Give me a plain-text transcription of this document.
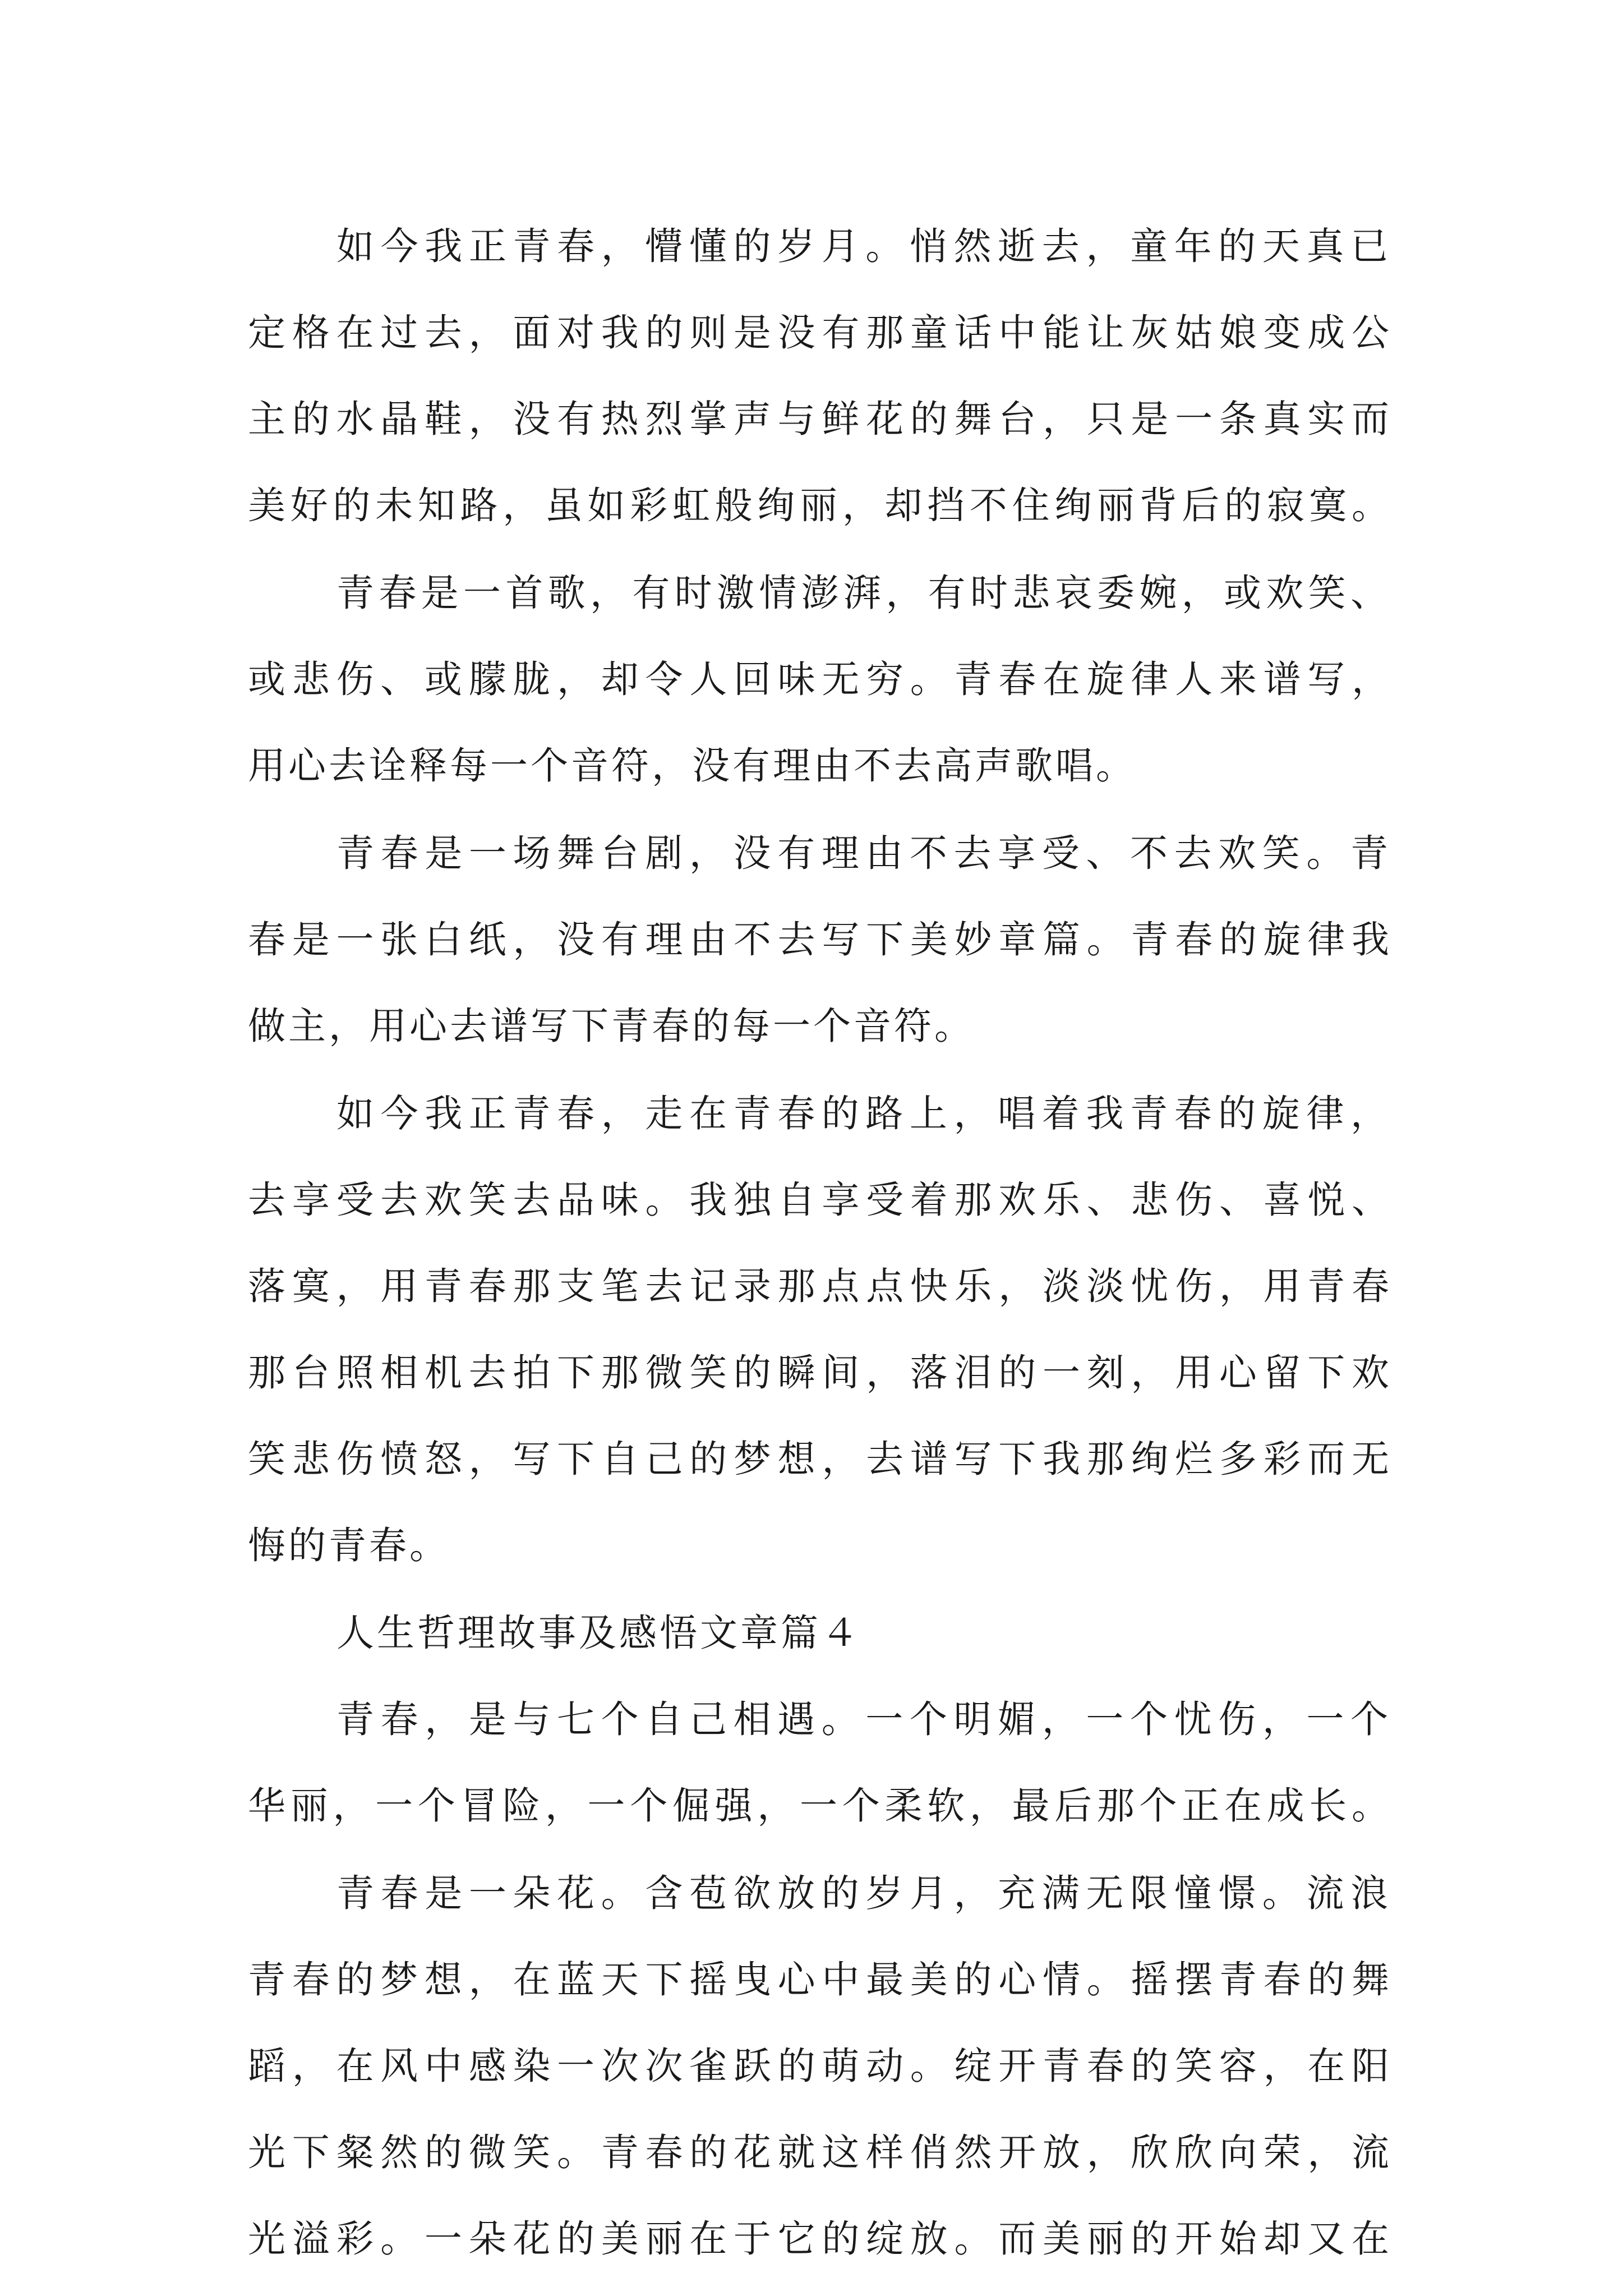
如今我正青春，懵懂的岁月。悄然逝去，童年的天真已
定格在过去，面对我的则是没有那童话中能让灰姑娘变成公
主的水晶鞋，没有热烈掌声与鲜花的舞台，只是一条真实而
美好的未知路，虽如彩虹般绚丽，却挡不住绚丽背后的寂寞。
青春是一首歌，有时激情澎湃，有时悲哀委婉，或欢笑、
或悲伤、或朦胧，却令人回味无穷。青春在旋律人来谱写，
用心去诠释每一个音符，没有理由不去高声歌唱。
青春是一场舞台剧，没有理由不去享受、不去欢笑。青
春是一张白纸，没有理由不去写下美妙章篇。青春的旋律我
做主，用心去谱写下青春的每一个音符。
如今我正青春，走在青春的路上，唱着我青春的旋律，
去享受去欢笑去品味。我独自享受着那欢乐、悲伤、喜悦、
落寞，用青春那支笔去记录那点点快乐，淡淡忧伤，用青春
那台照相机去拍下那微笑的瞬间，落泪的一刻，用心留下欢
笑悲伤愤怒，写下自己的梦想，去谱写下我那绚烂多彩而无
悔的青春。
人生哲理故事及感悟文章篇４
青春，是与七个自己相遇。一个明媚，一个忧伤，一个
华丽，一个冒险，一个倔强，一个柔软，最后那个正在成长。
青春是一朵花。含苞欲放的岁月，充满无限憧憬。流浪
青春的梦想，在蓝天下摇曳心中最美的心情。摇摆青春的舞
蹈，在风中感染一次次雀跃的萌动。绽开青春的笑容，在阳
光下粲然的微笑。青春的花就这样俏然开放，欣欣向荣，流
光溢彩。一朵花的美丽在于它的绽放。而美丽的开始却又在
